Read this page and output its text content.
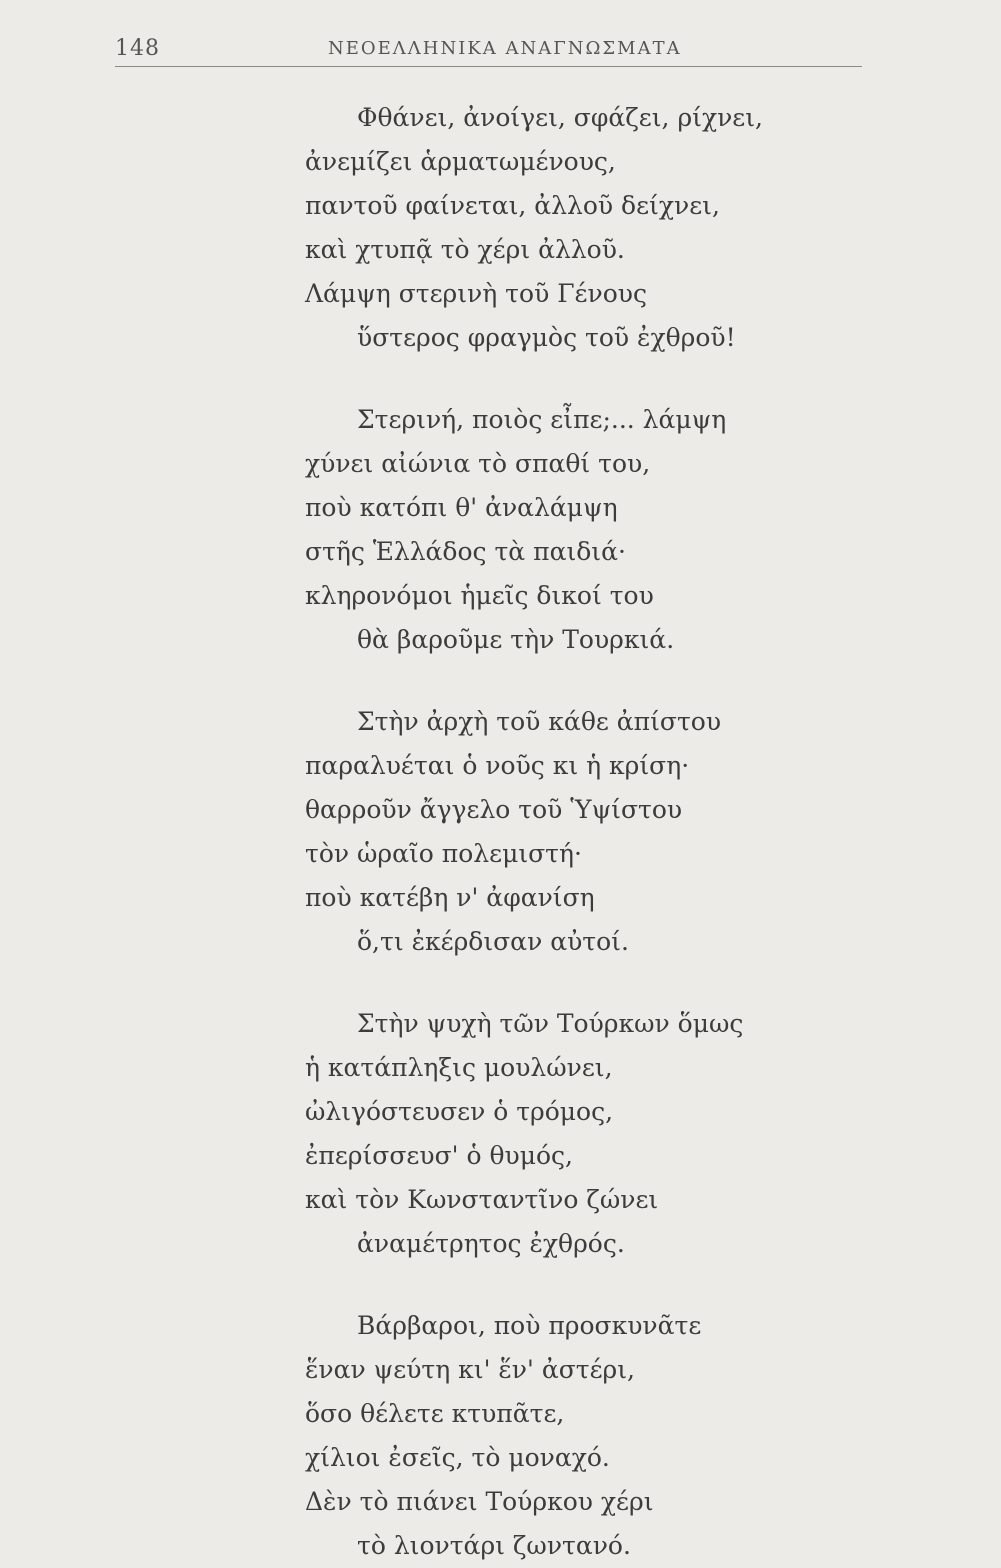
148	ΝΕΟΕΛΛΗΝΙΚΑ ΑΝΑΓΝΩΣΜΑΤΑ
Φθάνει, ἀνοίγει, σφάζει, ρίχνει,
ἀνεμίζει ἁρματωμένους,
παντοῦ φαίνεται, ἀλλοῦ δείχνει,
καὶ χτυπᾷ τὸ χέρι ἀλλοῦ.
Λάμψη στερινὴ τοῦ Γένους
ὕστερος φραγμὸς τοῦ ἐχθροῦ!
Στερινή, ποιὸς εἶπε;... λάμψη
χύνει αἰώνια τὸ σπαθί του,
ποὺ κατόπι θ' ἀναλάμψη
στῆς Ἑλλάδος τὰ παιδιά·
κληρονόμοι ἡμεῖς δικοί του
θὰ βαροῦμε τὴν Τουρκιά.
Στὴν ἀρχὴ τοῦ κάθε ἀπίστου
παραλυέται ὁ νοῦς κι ἡ κρίση·
θαρροῦν ἄγγελο τοῦ Ὑψίστου
τὸν ὡραῖο πολεμιστή·
ποὺ κατέβη ν' ἀφανίση
ὅ,τι ἐκέρδισαν αὐτοί.
Στὴν ψυχὴ τῶν Τούρκων ὅμως
ἡ κατάπληξις μουλώνει,
ὠλιγόστευσεν ὁ τρόμος,
ἐπερίσσευσ' ὁ θυμός,
καὶ τὸν Κωνσταντῖνο ζώνει
ἀναμέτρητος ἐχθρός.
Βάρβαροι, ποὺ προσκυνᾶτε
ἕναν ψεύτη κι' ἕν' ἀστέρι,
ὅσο θέλετε κτυπᾶτε,
χίλιοι ἐσεῖς, τὸ μοναχό.
Δὲν τὸ πιάνει Τούρκου χέρι
τὸ λιοντάρι ζωντανό.
